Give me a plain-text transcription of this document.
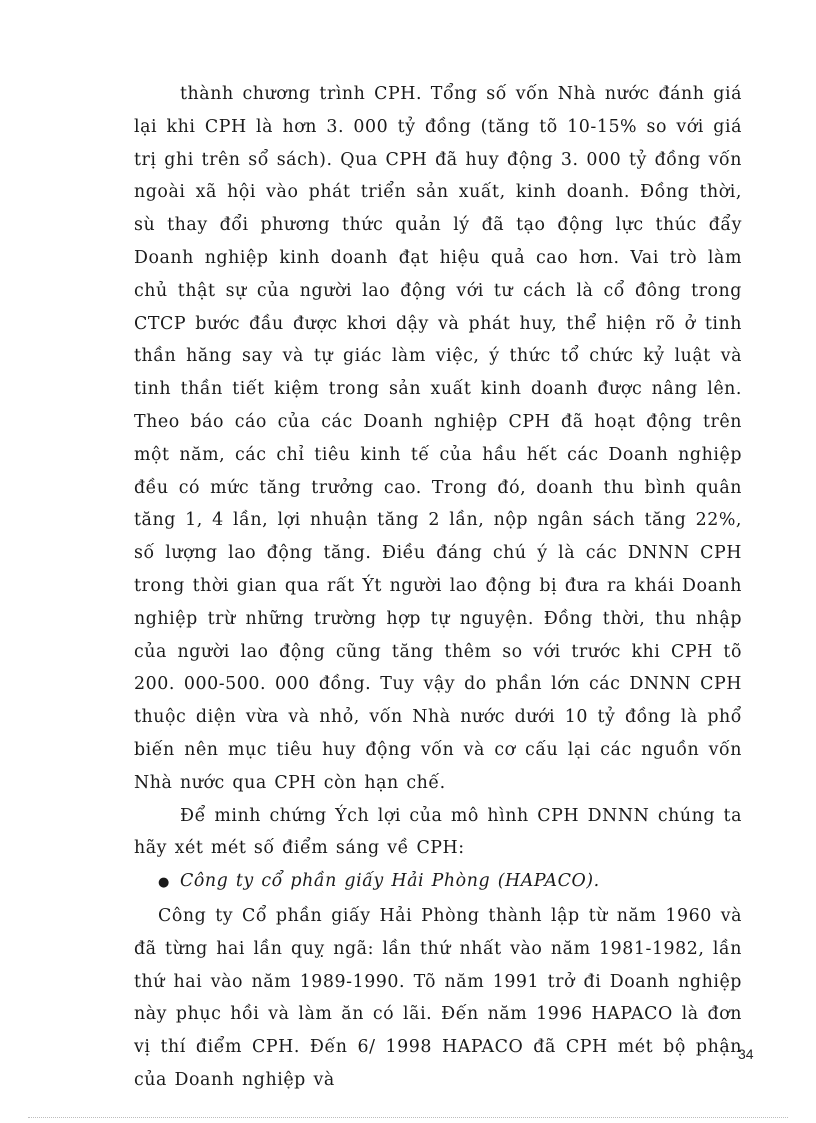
thành chương trình CPH. Tổng số vốn Nhà nước đánh giá lại khi CPH là hơn 3. 000 tỷ đồng (tăng tõ 10-15% so với giá trị ghi trên sổ sách). Qua CPH đã huy động 3. 000 tỷ đồng vốn ngoài xã hội vào phát triển sản xuất, kinh doanh. Đồng thời, sù thay đổi phương thức quản lý đã tạo động lực thúc đẩy Doanh nghiệp kinh doanh đạt hiệu quả cao hơn. Vai trò làm chủ thật sự của người lao động với tư cách là cổ đông trong CTCP bước đầu được khơi dậy và phát huy, thể hiện rõ ở tinh thần hăng say và tự giác làm việc, ý thức tổ chức kỷ luật và tinh thần tiết kiệm trong sản xuất kinh doanh được nâng lên. Theo báo cáo của các Doanh nghiệp CPH đã hoạt động trên một năm, các chỉ tiêu kinh tế của hầu hết các Doanh nghiệp đều có mức tăng trưởng cao. Trong đó, doanh thu bình quân tăng 1, 4 lần, lợi nhuận tăng 2 lần, nộp ngân sách tăng 22%, số lượng lao động tăng. Điều đáng chú ý là các DNNN CPH trong thời gian qua rất Ýt người lao động bị đưa ra khái Doanh nghiệp trừ những trường hợp tự nguyện. Đồng thời, thu nhập của người lao động cũng tăng thêm so với trước khi CPH tõ 200. 000-500. 000 đồng. Tuy vậy do phần lớn các DNNN CPH thuộc diện vừa và nhỏ, vốn Nhà nước dưới 10 tỷ đồng là phổ biến nên mục tiêu huy động vốn và cơ cấu lại các nguồn vốn Nhà nước qua CPH còn hạn chế.

Để minh chứng Ých lợi của mô hình CPH DNNN chúng ta hãy xét mét số điểm sáng về CPH:

● Công ty cổ phần giấy Hải Phòng (HAPACO).

Công ty Cổ phần giấy Hải Phòng thành lập từ năm 1960 và đã từng hai lần quỵ ngã: lần thứ nhất vào năm 1981-1982, lần thứ hai vào năm 1989-1990. Tõ năm 1991 trở đi Doanh nghiệp này phục hồi và làm ăn có lãi. Đến năm 1996 HAPACO là đơn vị thí điểm CPH. Đến 6/ 1998 HAPACO đã CPH mét bộ phận của Doanh nghiệp và

34
